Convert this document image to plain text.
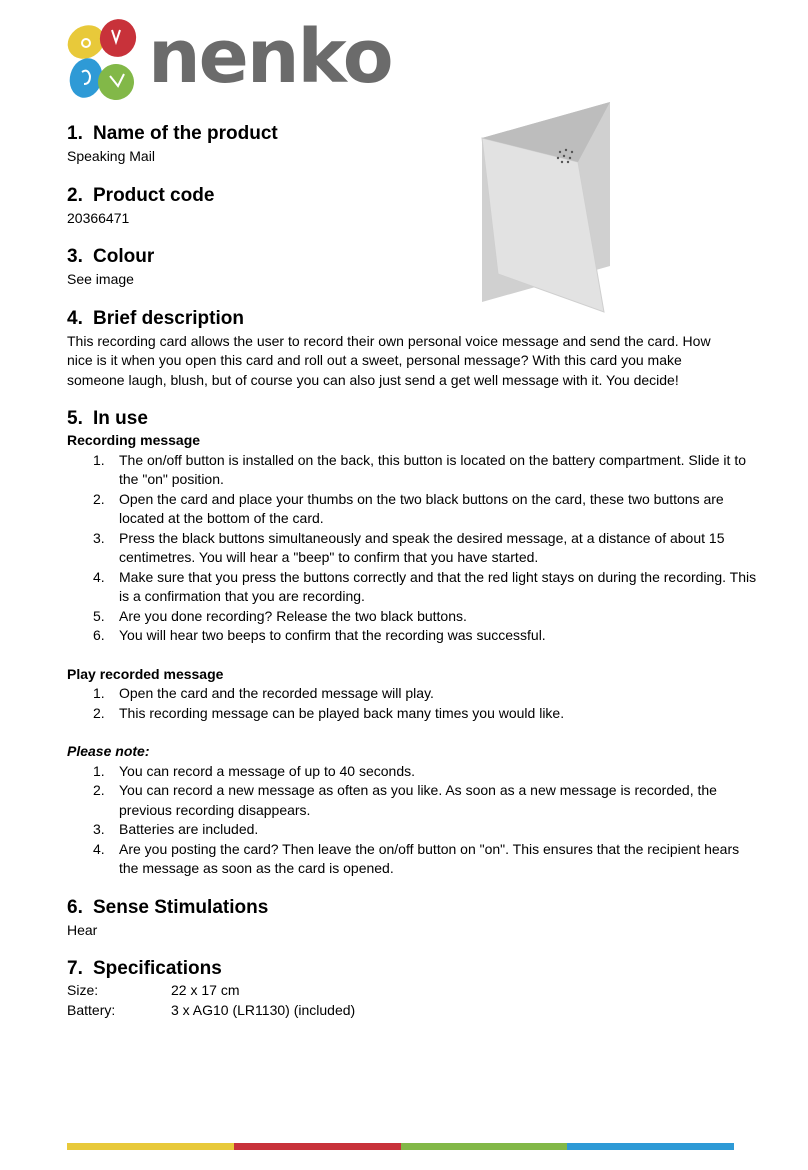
nenko
1. Name of the product

Speaking Mail

2. Product code

20366471

3. Colour

See image

4. Brief description

This recording card allows the user to record their own personal voice message and send the card. How nice is it when you open this card and roll out a sweet, personal message? With this card you make someone laugh, blush, but of course you can also just send a get well message with it. You decide!

5. In use

Recording message

1. The on/off button is installed on the back, this button is located on the battery compartment. Slide it to the "on" position.
2. Open the card and place your thumbs on the two black buttons on the card, these two buttons are located at the bottom of the card.
3. Press the black buttons simultaneously and speak the desired message, at a distance of about 15 centimetres. You will hear a "beep" to confirm that you have started.
4. Make sure that you press the buttons correctly and that the red light stays on during the recording. This is a confirmation that you are recording.
5. Are you done recording? Release the two black buttons.
6. You will hear two beeps to confirm that the recording was successful.

Play recorded message

1. Open the card and the recorded message will play.
2. This recording message can be played back many times you would like.

Please note:

1. You can record a message of up to 40 seconds.
2. You can record a new message as often as you like. As soon as a new message is recorded, the previous recording disappears.
3. Batteries are included.
4. Are you posting the card? Then leave the on/off button on "on". This ensures that the recipient hears the message as soon as the card is opened.
6. Sense Stimulations

Hear

7. Specifications
Size:	22 x 17 cm
Battery:	3 x AG10 (LR1130) (included)
